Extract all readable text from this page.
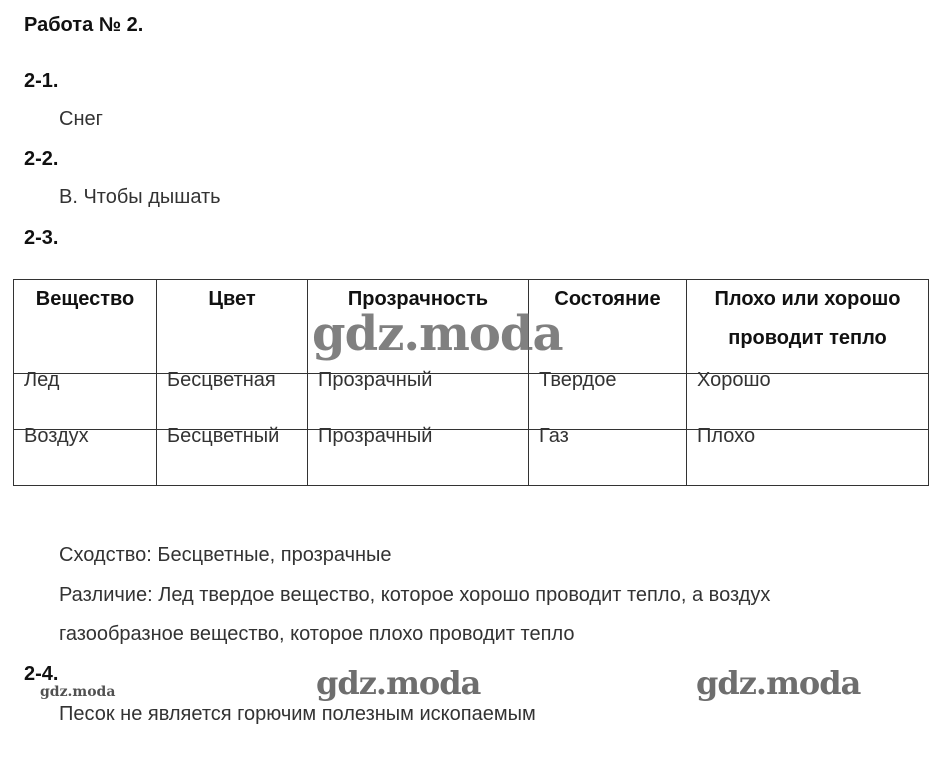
Работа № 2.
2-1.
Снег
2-2.
В. Чтобы дышать
2-3.
Вещество	Цвет	Прозрачность	Состояние	Плохо или хорошо проводит тепло
Лед	Бесцветная	Прозрачный	Твердое	Хорошо
Воздух	Бесцветный	Прозрачный	Газ	Плохо
Сходство: Бесцветные, прозрачные
Различие: Лед твердое вещество, которое хорошо проводит тепло, а воздух
газообразное вещество, которое плохо проводит тепло
2-4.
Песок не является горючим полезным ископаемым
gdz.moda
gdz.moda	gdz.moda
gdz.moda
